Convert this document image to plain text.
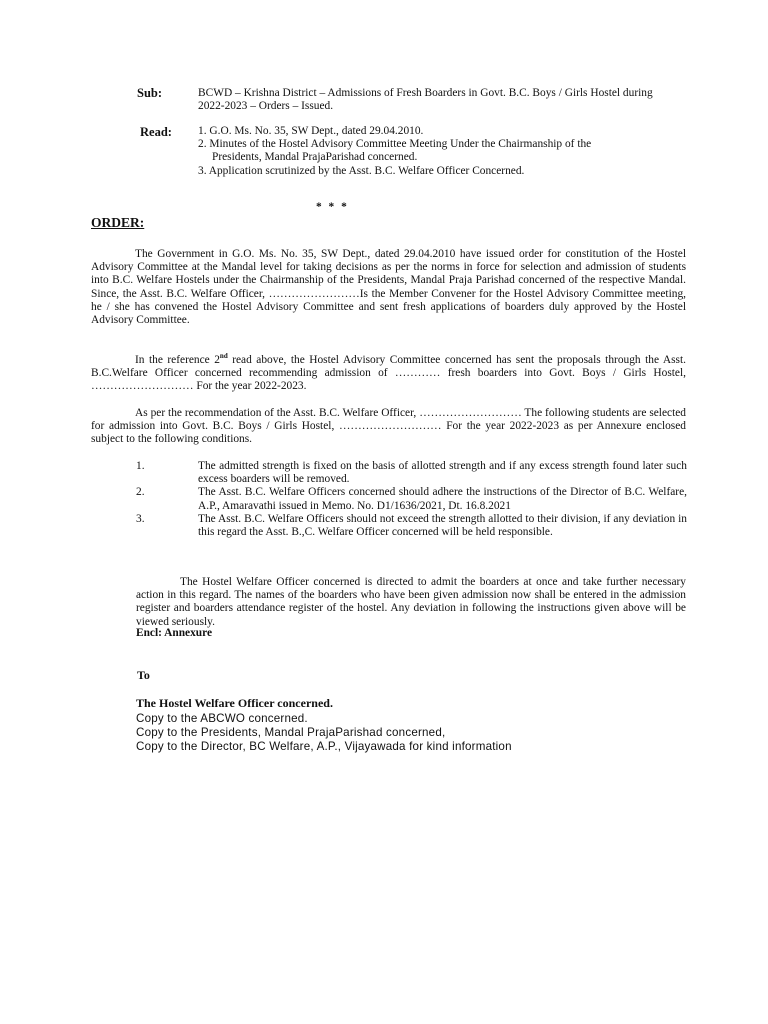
Sub:	BCWD – Krishna District – Admissions of Fresh Boarders in Govt. B.C. Boys / Girls Hostel during 2022-2023 – Orders – Issued.
Read: 1. G.O. Ms. No. 35, SW Dept., dated 29.04.2010.
2. Minutes of the Hostel Advisory Committee Meeting Under the Chairmanship of the Presidents, Mandal PrajaParishad concerned.
3. Application scrutinized by the Asst. B.C. Welfare Officer Concerned.
* * *
ORDER:

The Government in G.O. Ms. No. 35, SW Dept., dated 29.04.2010 have issued order for constitution of the Hostel Advisory Committee at the Mandal level for taking decisions as per the norms in force for selection and admission of students into B.C. Welfare Hostels under the Chairmanship of the Presidents, Mandal Praja Parishad concerned of the respective Mandal. Since, the Asst. B.C. Welfare Officer, ……………………Is the Member Convener for the Hostel Advisory Committee meeting, he / she has convened the Hostel Advisory Committee and sent fresh applications of boarders duly approved by the Hostel Advisory Committee.

In the reference 2nd read above, the Hostel Advisory Committee concerned has sent the proposals through the Asst. B.C.Welfare Officer concerned recommending admission of ………… fresh boarders into Govt. Boys / Girls Hostel, ……………………… For the year 2022-2023.

As per the recommendation of the Asst. B.C. Welfare Officer, ……………………… The following students are selected for admission into Govt. B.C. Boys / Girls Hostel, ……………………… For the year 2022-2023 as per Annexure enclosed subject to the following conditions.

1.	The admitted strength is fixed on the basis of allotted strength and if any excess strength found later such excess boarders will be removed.
2.	The Asst. B.C. Welfare Officers concerned should adhere the instructions of the Director of B.C. Welfare, A.P., Amaravathi issued in Memo. No. D1/1636/2021, Dt. 16.8.2021
3.	The Asst. B.C. Welfare Officers should not exceed the strength allotted to their division, if any deviation in this regard the Asst. B.,C. Welfare Officer concerned will be held responsible.

The Hostel Welfare Officer concerned is directed to admit the boarders at once and take further necessary action in this regard. The names of the boarders who have been given admission now shall be entered in the admission register and boarders attendance register of the hostel. Any deviation in following the instructions given above will be viewed seriously.

Encl: Annexure
To
The Hostel Welfare Officer concerned.
Copy to the ABCWO concerned.
Copy to the Presidents, Mandal PrajaParishad concerned,
Copy to the Director, BC Welfare, A.P., Vijayawada for kind information
